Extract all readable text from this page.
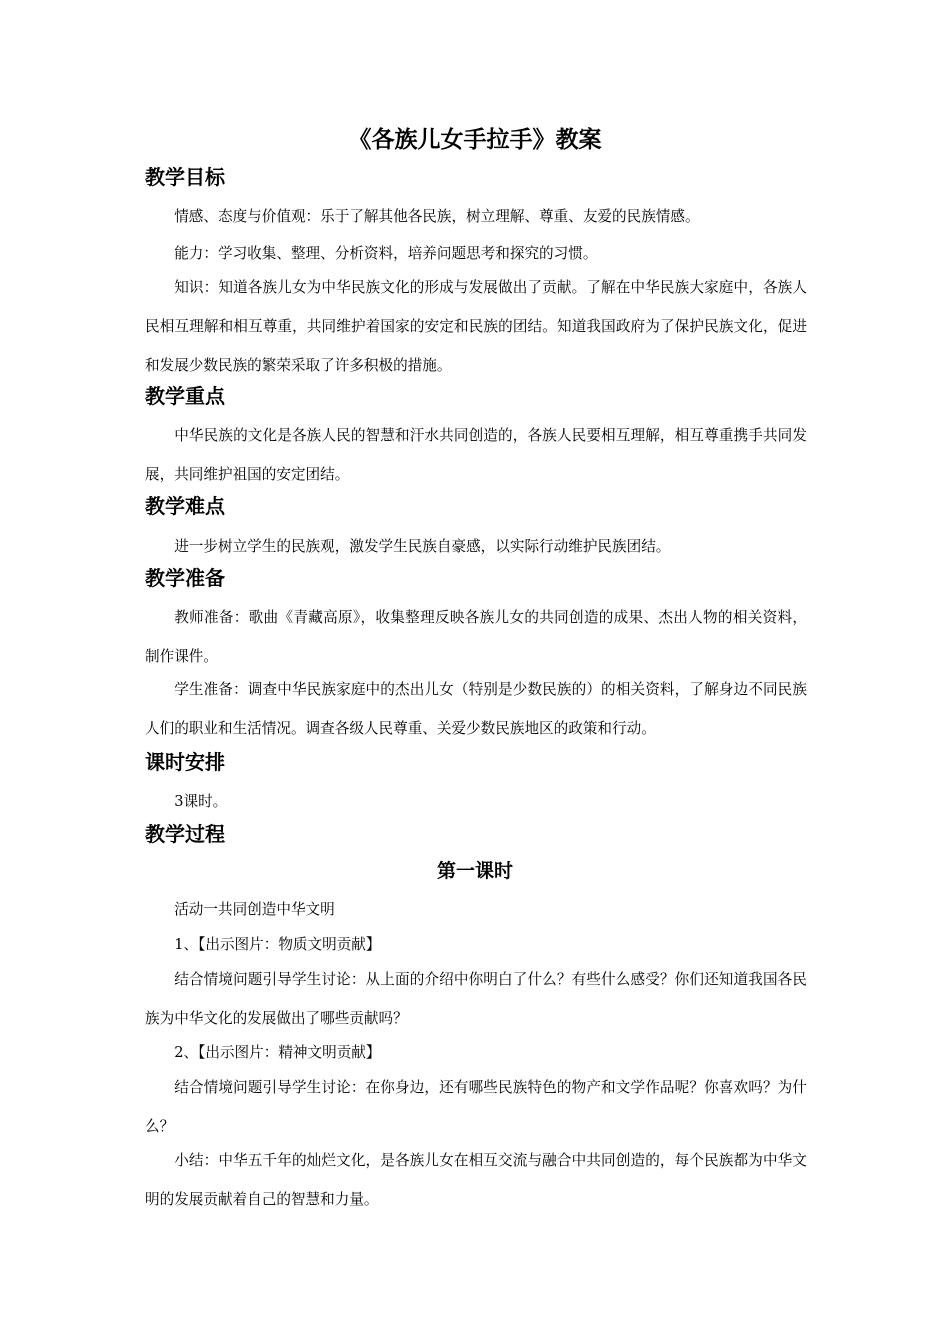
《各族儿女手拉手》教案
教学目标

情感、态度与价值观：乐于了解其他各民族，树立理解、尊重、友爱的民族情感。

能力：学习收集、整理、分析资料，培养问题思考和探究的习惯。

知识：知道各族儿女为中华民族文化的形成与发展做出了贡献。了解在中华民族大家庭中，各族人民相互理解和相互尊重，共同维护着国家的安定和民族的团结。知道我国政府为了保护民族文化，促进和发展少数民族的繁荣采取了许多积极的措施。

教学重点

中华民族的文化是各族人民的智慧和汗水共同创造的，各族人民要相互理解，相互尊重携手共同发展，共同维护祖国的安定团结。

教学难点

进一步树立学生的民族观，激发学生民族自豪感，以实际行动维护民族团结。

教学准备

教师准备：歌曲《青藏高原》，收集整理反映各族儿女的共同创造的成果、杰出人物的相关资料，制作课件。

学生准备：调查中华民族家庭中的杰出儿女（特别是少数民族的）的相关资料，了解身边不同民族人们的职业和生活情况。调查各级人民尊重、关爱少数民族地区的政策和行动。

课时安排

3课时。

教学过程
第一课时

活动一共同创造中华文明

1、【出示图片：物质文明贡献】

结合情境问题引导学生讨论：从上面的介绍中你明白了什么？有些什么感受？你们还知道我国各民族为中华文化的发展做出了哪些贡献吗？

2、【出示图片：精神文明贡献】

结合情境问题引导学生讨论：在你身边，还有哪些民族特色的物产和文学作品呢？你喜欢吗？为什么？

小结：中华五千年的灿烂文化，是各族儿女在相互交流与融合中共同创造的，每个民族都为中华文明的发展贡献着自己的智慧和力量。
